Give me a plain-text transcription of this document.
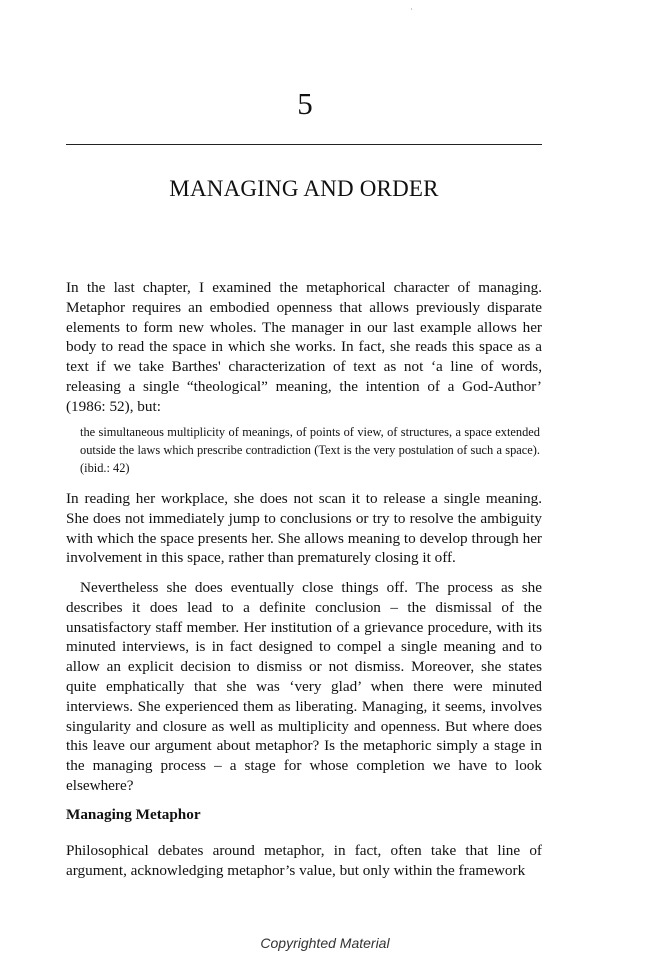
5
MANAGING AND ORDER

In the last chapter, I examined the metaphorical character of managing. Metaphor requires an embodied openness that allows previously disparate elements to form new wholes. The manager in our last example allows her body to read the space in which she works. In fact, she reads this space as a text if we take Barthes' characterization of text as not ‘a line of words, releasing a single “theological” meaning, the intention of a God-Author’ (1986: 52), but:

the simultaneous multiplicity of meanings, of points of view, of structures, a space extended outside the laws which prescribe contradiction (Text is the very postulation of such a space). (ibid.: 42)

In reading her workplace, she does not scan it to release a single meaning. She does not immediately jump to conclusions or try to resolve the ambiguity with which the space presents her. She allows meaning to develop through her involvement in this space, rather than prematurely closing it off.

Nevertheless she does eventually close things off. The process as she describes it does lead to a definite conclusion – the dismissal of the unsatisfactory staff member. Her institution of a grievance procedure, with its minuted interviews, is in fact designed to compel a single meaning and to allow an explicit decision to dismiss or not dismiss. Moreover, she states quite emphatically that she was ‘very glad’ when there were minuted interviews. She experienced them as liberating. Managing, it seems, involves singularity and closure as well as multiplicity and openness. But where does this leave our argument about metaphor? Is the metaphoric simply a stage in the managing process – a stage for whose completion we have to look elsewhere?

Managing Metaphor

Philosophical debates around metaphor, in fact, often take that line of argument, acknowledging metaphor’s value, but only within the framework

Copyrighted Material
